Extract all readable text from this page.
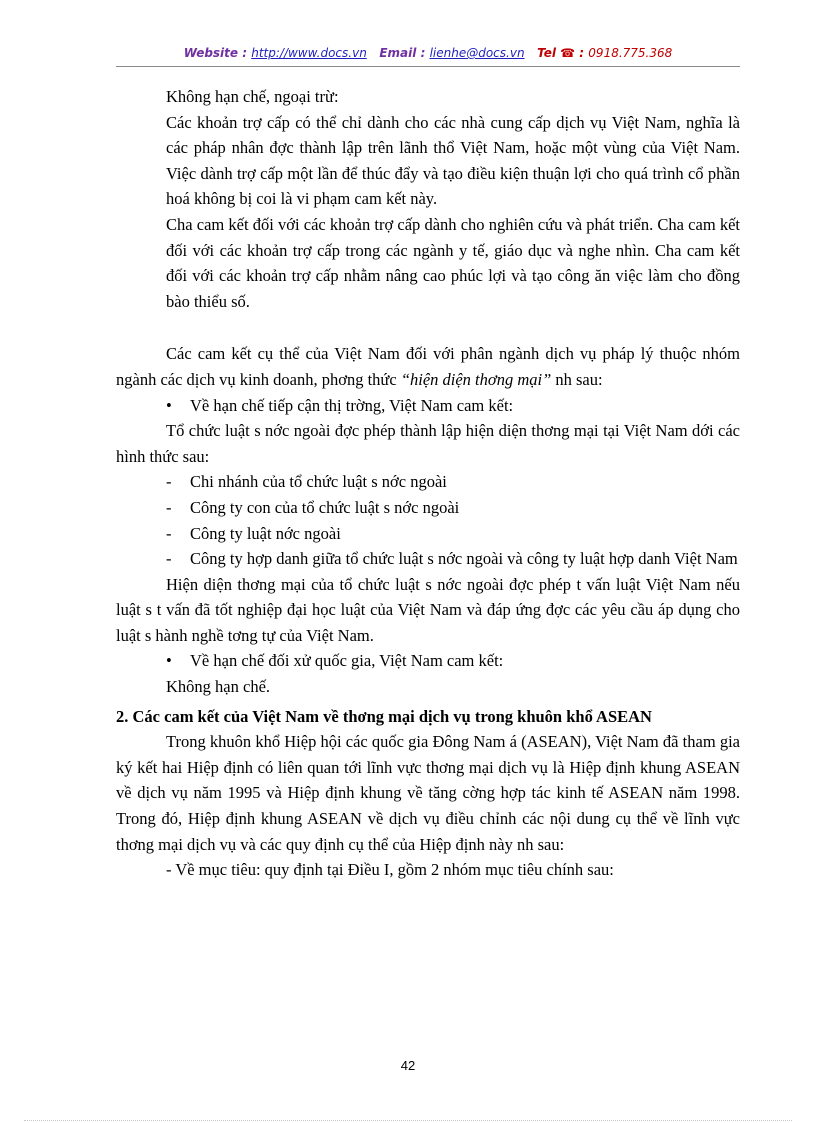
Website : http://www.docs.vn Email : lienhe@docs.vn Tel ☎ : 0918.775.368

Không hạn chế, ngoại trừ:

Các khoản trợ cấp có thể chỉ dành cho các nhà cung cấp dịch vụ Việt Nam, nghĩa là các pháp nhân đợc thành lập trên lãnh thổ Việt Nam, hoặc một vùng của Việt Nam. Việc dành trợ cấp một lần để thúc đẩy và tạo điều kiện thuận lợi cho quá trình cổ phần hoá không bị coi là vi phạm cam kết này.

Cha cam kết đối với các khoản trợ cấp dành cho nghiên cứu và phát triển. Cha cam kết đối với các khoản trợ cấp trong các ngành y tế, giáo dục và nghe nhìn. Cha cam kết đối với các khoản trợ cấp nhằm nâng cao phúc lợi và tạo công ăn việc làm cho đồng bào thiểu số.

Các cam kết cụ thể của Việt Nam đối với phân ngành dịch vụ pháp lý thuộc nhóm ngành các dịch vụ kinh doanh, phơng thức “hiện diện thơng mại” nh sau:

•	Về hạn chế tiếp cận thị trờng, Việt Nam cam kết:

Tổ chức luật s nớc ngoài đợc phép thành lập hiện diện thơng mại tại Việt Nam dới các hình thức sau:

- Chi nhánh của tổ chức luật s nớc ngoài

- Công ty con của tổ chức luật s nớc ngoài

- Công ty luật nớc ngoài

- Công ty hợp danh giữa tổ chức luật s nớc ngoài và công ty luật hợp danh Việt Nam

Hiện diện thơng mại của tổ chức luật s nớc ngoài đợc phép t vấn luật Việt Nam nếu luật s t vấn đã tốt nghiệp đại học luật của Việt Nam và đáp ứng đợc các yêu cầu áp dụng cho luật s hành nghề tơng tự của Việt Nam.

•	Về hạn chế đối xử quốc gia, Việt Nam cam kết:

Không hạn chế.

2. Các cam kết của Việt Nam về thơng mại dịch vụ trong khuôn khổ ASEAN

Trong khuôn khổ Hiệp hội các quốc gia Đông Nam á (ASEAN), Việt Nam đã tham gia ký kết hai Hiệp định có liên quan tới lĩnh vực thơng mại dịch vụ là Hiệp định khung ASEAN về dịch vụ năm 1995 và Hiệp định khung về tăng cờng hợp tác kinh tế ASEAN năm 1998. Trong đó, Hiệp định khung ASEAN về dịch vụ điều chỉnh các nội dung cụ thể về lĩnh vực thơng mại dịch vụ và các quy định cụ thể của Hiệp định này nh sau:

- Về mục tiêu: quy định tại Điều I, gồm 2 nhóm mục tiêu chính sau:

42
